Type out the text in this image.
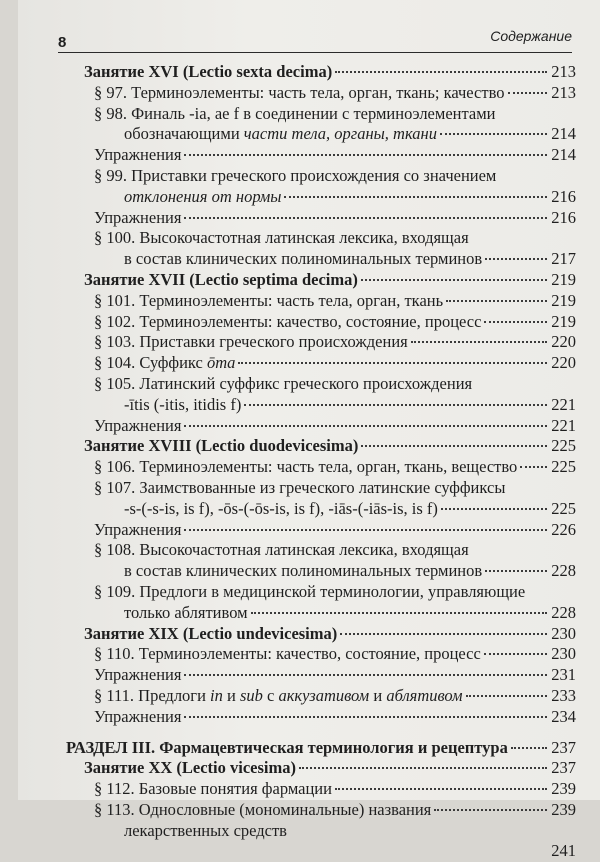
8	Содержание
Занятие XVI (Lectio sexta decima)	213
§ 97. Терминоэлементы: часть тела, орган, ткань; качество	213
§ 98. Финаль -ia, ae f в соединении с терминоэлементами
обозначающими части тела, органы, ткани	214
Упражнения	214
§ 99. Приставки греческого происхождения со значением
отклонения от нормы	216
Упражнения	216
§ 100. Высокочастотная латинская лексика, входящая
в состав клинических полиноминальных терминов	217
Занятие XVII (Lectio septima decima)	219
§ 101. Терминоэлементы: часть тела, орган, ткань	219
§ 102. Терминоэлементы: качество, состояние, процесс	219
§ 103. Приставки греческого происхождения	220
§ 104. Суффикс ōma	220
§ 105. Латинский суффикс греческого происхождения
-ītis (-itis, itidis f)	221
Упражнения	221
Занятие XVIII (Lectio duodevicesima)	225
§ 106. Терминоэлементы: часть тела, орган, ткань, вещество 225
§ 107. Заимствованные из греческого латинские суффиксы
-s-(-s-is, is f), -ōs-(-ōs-is, is f), -iās-(-iās-is, is f)	225
Упражнения	226
§ 108. Высокочастотная латинская лексика, входящая
в состав клинических полиноминальных терминов	228
§ 109. Предлоги в медицинской терминологии, управляющие
только аблятивом	228
Занятие XIX (Lectio undevicesima)	230
§ 110. Терминоэлементы: качество, состояние, процесс	230
Упражнения	231
§ 111. Предлоги in и sub с аккузативом и аблятивом	233
Упражнения	234
РАЗДЕЛ III. Фармацевтическая терминология и рецептура	237
Занятие XX (Lectio vicesima)	237
§ 112. Базовые понятия фармации	239
§ 113. Однословные (мономинальные) названия	239
лекарственных средств
241
